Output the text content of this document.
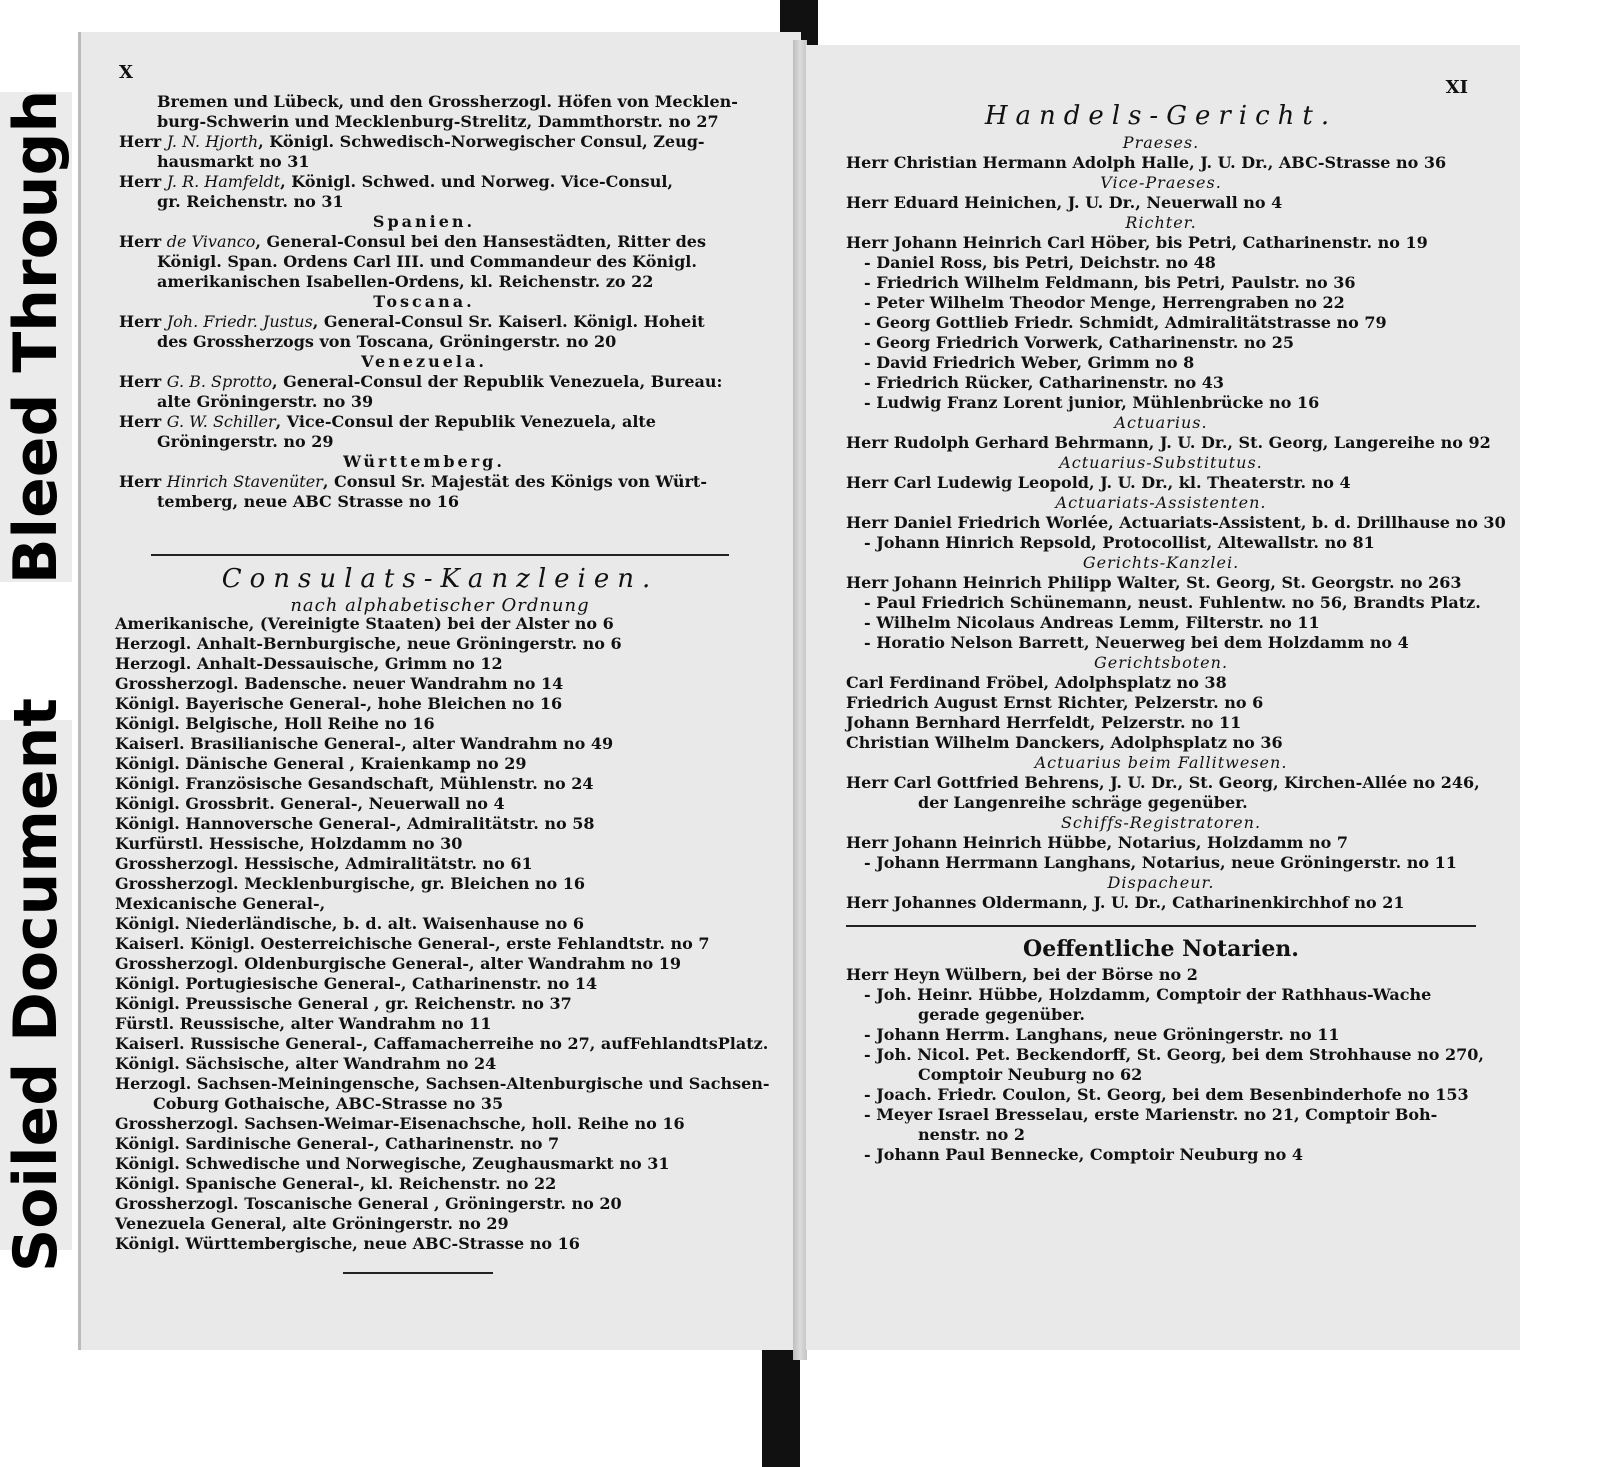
Bleed Through
Soiled Document
X
Bremen und Lübeck, und den Grossherzogl. Höfen von Mecklen-
burg-Schwerin und Mecklenburg-Strelitz, Dammthorstr. no 27
Herr J. N. Hjorth, Königl. Schwedisch-Norwegischer Consul, Zeug-
hausmarkt no 31
Herr J. R. Hamfeldt, Königl. Schwed. und Norweg. Vice-Consul,
gr. Reichenstr. no 31
Spanien.
Herr de Vivanco, General-Consul bei den Hansestädten, Ritter des
Königl. Span. Ordens Carl III. und Commandeur des Königl.
amerikanischen Isabellen-Ordens, kl. Reichenstr. zo 22
Toscana.
Herr Joh. Friedr. Justus, General-Consul Sr. Kaiserl. Königl. Hoheit
des Grossherzogs von Toscana, Gröningerstr. no 20
Venezuela.
Herr G. B. Sprotto, General-Consul der Republik Venezuela, Bureau:
alte Gröningerstr. no 39
Herr G. W. Schiller, Vice-Consul der Republik Venezuela, alte
Gröningerstr. no 29
Württemberg.
Herr Hinrich Stavenüter, Consul Sr. Majestät des Königs von Würt-
temberg, neue ABC Strasse no 16
Consulats-Kanzleien.
nach alphabetischer Ordnung
Amerikanische, (Vereinigte Staaten) bei der Alster no 6
Herzogl. Anhalt-Bernburgische, neue Gröningerstr. no 6
Herzogl. Anhalt-Dessauische, Grimm no 12
Grossherzogl. Badensche. neuer Wandrahm no 14
Königl. Bayerische General-, hohe Bleichen no 16
Königl. Belgische, Holl Reihe no 16
Kaiserl. Brasilianische General-, alter Wandrahm no 49
Königl. Dänische General , Kraienkamp no 29
Königl. Französische Gesandschaft, Mühlenstr. no 24
Königl. Grossbrit. General-, Neuerwall no 4
Königl. Hannoversche General-, Admiralitätstr. no 58
Kurfürstl. Hessische, Holzdamm no 30
Grossherzogl. Hessische, Admiralitätstr. no 61
Grossherzogl. Mecklenburgische, gr. Bleichen no 16
Mexicanische General-,
Königl. Niederländische, b. d. alt. Waisenhause no 6
Kaiserl. Königl. Oesterreichische General-, erste Fehlandtstr. no 7
Grossherzogl. Oldenburgische General-, alter Wandrahm no 19
Königl. Portugiesische General-, Catharinenstr. no 14
Königl. Preussische General , gr. Reichenstr. no 37
Fürstl. Reussische, alter Wandrahm no 11
Kaiserl. Russische General-, Caffamacherreihe no 27, aufFehlandtsPlatz.
Königl. Sächsische, alter Wandrahm no 24
Herzogl. Sachsen-Meiningensche, Sachsen-Altenburgische und Sachsen-
Coburg Gothaische, ABC-Strasse no 35
Grossherzogl. Sachsen-Weimar-Eisenachsche, holl. Reihe no 16
Königl. Sardinische General-, Catharinenstr. no 7
Königl. Schwedische und Norwegische, Zeughausmarkt no 31
Königl. Spanische General-, kl. Reichenstr. no 22
Grossherzogl. Toscanische General , Gröningerstr. no 20
Venezuela General, alte Gröningerstr. no 29
Königl. Württembergische, neue ABC-Strasse no 16
XI
Handels-Gericht.
Praeses.
Herr Christian Hermann Adolph Halle, J. U. Dr., ABC-Strasse no 36
Vice-Praeses.
Herr Eduard Heinichen, J. U. Dr., Neuerwall no 4
Richter.
Herr Johann Heinrich Carl Höber, bis Petri, Catharinenstr. no 19
- Daniel Ross, bis Petri, Deichstr. no 48
- Friedrich Wilhelm Feldmann, bis Petri, Paulstr. no 36
- Peter Wilhelm Theodor Menge, Herrengraben no 22
- Georg Gottlieb Friedr. Schmidt, Admiralitätstrasse no 79
- Georg Friedrich Vorwerk, Catharinenstr. no 25
- David Friedrich Weber, Grimm no 8
- Friedrich Rücker, Catharinenstr. no 43
- Ludwig Franz Lorent junior, Mühlenbrücke no 16
Actuarius.
Herr Rudolph Gerhard Behrmann, J. U. Dr., St. Georg, Langereihe no 92
Actuarius-Substitutus.
Herr Carl Ludewig Leopold, J. U. Dr., kl. Theaterstr. no 4
Actuariats-Assistenten.
Herr Daniel Friedrich Worlée, Actuariats-Assistent, b. d. Drillhause no 30
- Johann Hinrich Repsold, Protocollist, Altewallstr. no 81
Gerichts-Kanzlei.
Herr Johann Heinrich Philipp Walter, St. Georg, St. Georgstr. no 263
- Paul Friedrich Schünemann, neust. Fuhlentw. no 56, Brandts Platz.
- Wilhelm Nicolaus Andreas Lemm, Filterstr. no 11
- Horatio Nelson Barrett, Neuerweg bei dem Holzdamm no 4
Gerichtsboten.
Carl Ferdinand Fröbel, Adolphsplatz no 38
Friedrich August Ernst Richter, Pelzerstr. no 6
Johann Bernhard Herrfeldt, Pelzerstr. no 11
Christian Wilhelm Danckers, Adolphsplatz no 36
Actuarius beim Fallitwesen.
Herr Carl Gottfried Behrens, J. U. Dr., St. Georg, Kirchen-Allée no 246,
der Langenreihe schräge gegenüber.
Schiffs-Registratoren.
Herr Johann Heinrich Hübbe, Notarius, Holzdamm no 7
- Johann Herrmann Langhans, Notarius, neue Gröningerstr. no 11
Dispacheur.
Herr Johannes Oldermann, J. U. Dr., Catharinenkirchhof no 21
Oeffentliche Notarien.
Herr Heyn Wülbern, bei der Börse no 2
- Joh. Heinr. Hübbe, Holzdamm, Comptoir der Rathhaus-Wache
gerade gegenüber.
- Johann Herrm. Langhans, neue Gröningerstr. no 11
- Joh. Nicol. Pet. Beckendorff, St. Georg, bei dem Strohhause no 270,
Comptoir Neuburg no 62
- Joach. Friedr. Coulon, St. Georg, bei dem Besenbinderhofe no 153
- Meyer Israel Bresselau, erste Marienstr. no 21, Comptoir Boh-
nenstr. no 2
- Johann Paul Bennecke, Comptoir Neuburg no 4
